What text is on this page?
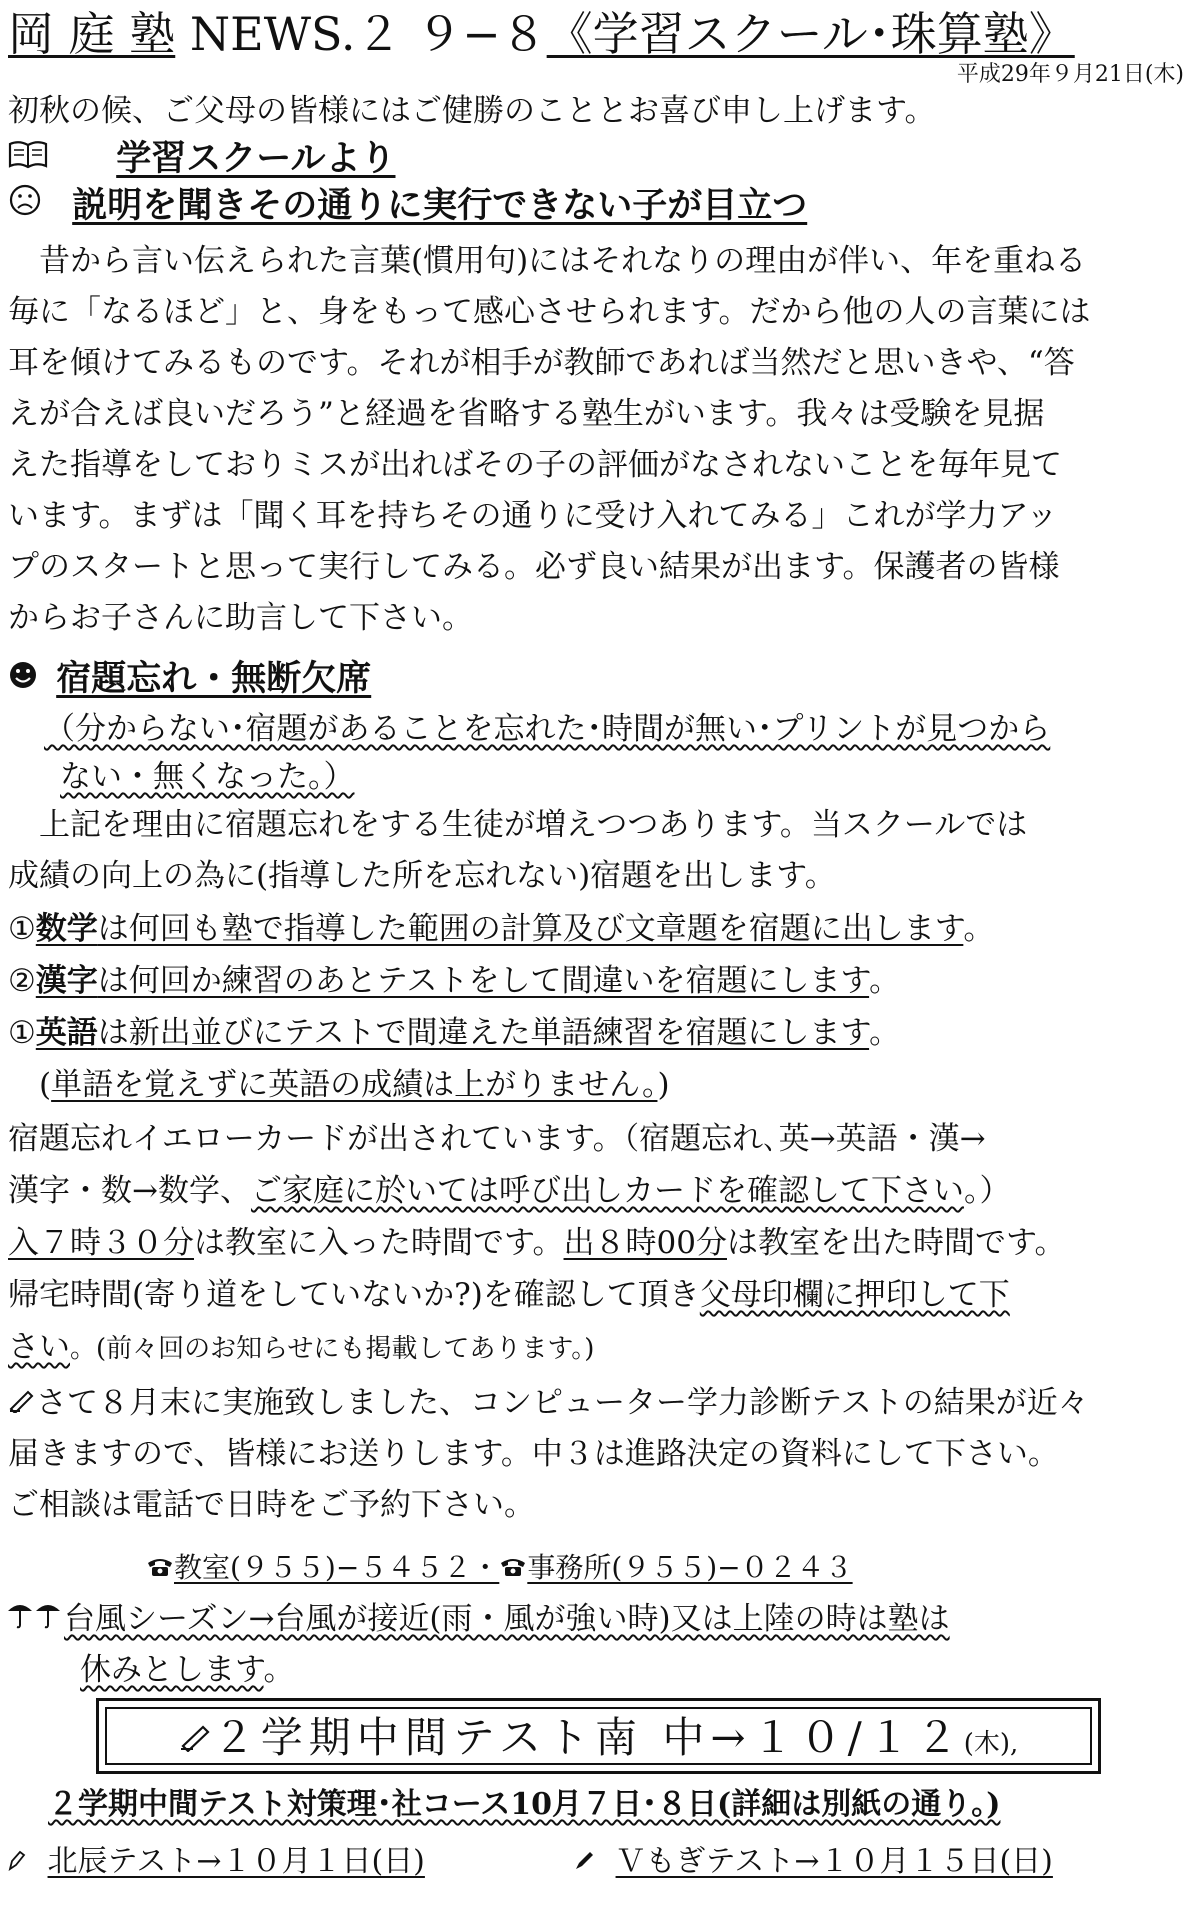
岡 庭 塾 NEWS.２ ９−８《学習スクール･珠算塾》
平成29年９月21日(木)
初秋の候、ご父母の皆様にはご健勝のこととお喜び申し上げます。
学習スクールより
説明を聞きその通りに実行できない子が目立つ
　昔から言い伝えられた言葉(慣用句)にはそれなりの理由が伴い、年を重ねる
毎に「なるほど」と、身をもって感心させられます。だから他の人の言葉には
耳を傾けてみるものです。それが相手が教師であれば当然だと思いきや、“答
えが合えば良いだろう”と経過を省略する塾生がいます。我々は受験を見据
えた指導をしておりミスが出ればその子の評価がなされないことを毎年見て
います。まずは「聞く耳を持ちその通りに受け入れてみる」これが学力アッ
プのスタートと思って実行してみる。必ず良い結果が出ます。保護者の皆様
からお子さんに助言して下さい。
宿題忘れ・無断欠席
（分からない･宿題があることを忘れた･時間が無い･プリントが見つから
ない・無くなった。）
　上記を理由に宿題忘れをする生徒が増えつつあります。当スクールでは
成績の向上の為に(指導した所を忘れない)宿題を出します。
①数学は何回も塾で指導した範囲の計算及び文章題を宿題に出します。
②漢字は何回か練習のあとテストをして間違いを宿題にします。
①英語は新出並びにテストで間違えた単語練習を宿題にします。
　(単語を覚えずに英語の成績は上がりません。)
宿題忘れイエローカードが出されています。（宿題忘れ､英→英語・漢→
漢字・数→数学、ご家庭に於いては呼び出しカードを確認して下さい。）
入７時３０分は教室に入った時間です。出８時00分は教室を出た時間です。
帰宅時間(寄り道をしていないか?)を確認して頂き父母印欄に押印して下
さい。(前々回のお知らせにも掲載してあります。)
さて８月末に実施致しました、コンピューター学力診断テストの結果が近々
届きますので、皆様にお送りします。中３は進路決定の資料にして下さい。
ご相談は電話で日時をご予約下さい。
教室(９５５)−５４５２・ 事務所(９５５)−０２４３
台風シーズン→台風が接近(雨・風が強い時)又は上陸の時は塾は
休みとします。
２学期中間テスト南 中→１０/１２(木),
２学期中間テスト対策理･社コース10月７日･８日(詳細は別紙の通り。)
北辰テスト→１０月１日(日)	Ｖもぎテスト→１０月１５日(日)
